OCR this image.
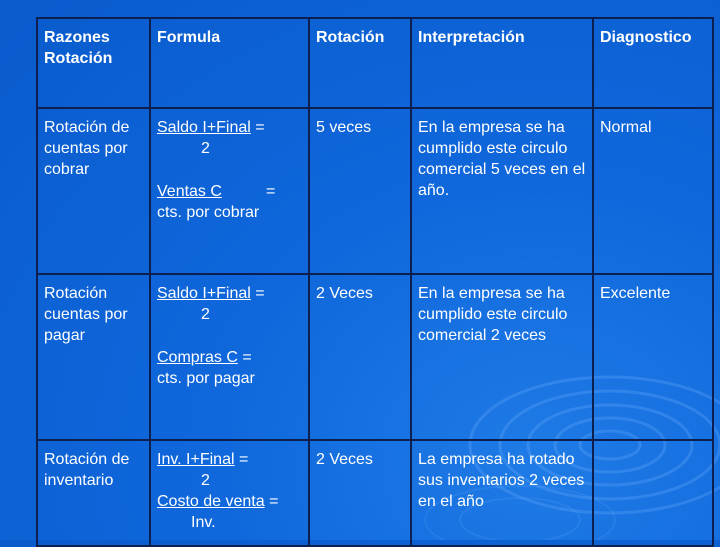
Razones Rotación	Formula	Rotación	Interpretación	Diagnostico
Rotación de cuentas por cobrar	Saldo I+Final =
2
Ventas C =
cts. por cobrar	5 veces	En la empresa se ha cumplido este circulo comercial 5 veces en el año.	Normal
Rotación cuentas por pagar	Saldo I+Final =
2
Compras C =
cts. por pagar	2 Veces	En la empresa se ha cumplido este circulo comercial 2 veces	Excelente
Rotación de inventario	Inv. I+Final =
2
Costo de venta =
Inv.	2 Veces	La empresa ha rotado sus inventarios 2 veces en el año	
